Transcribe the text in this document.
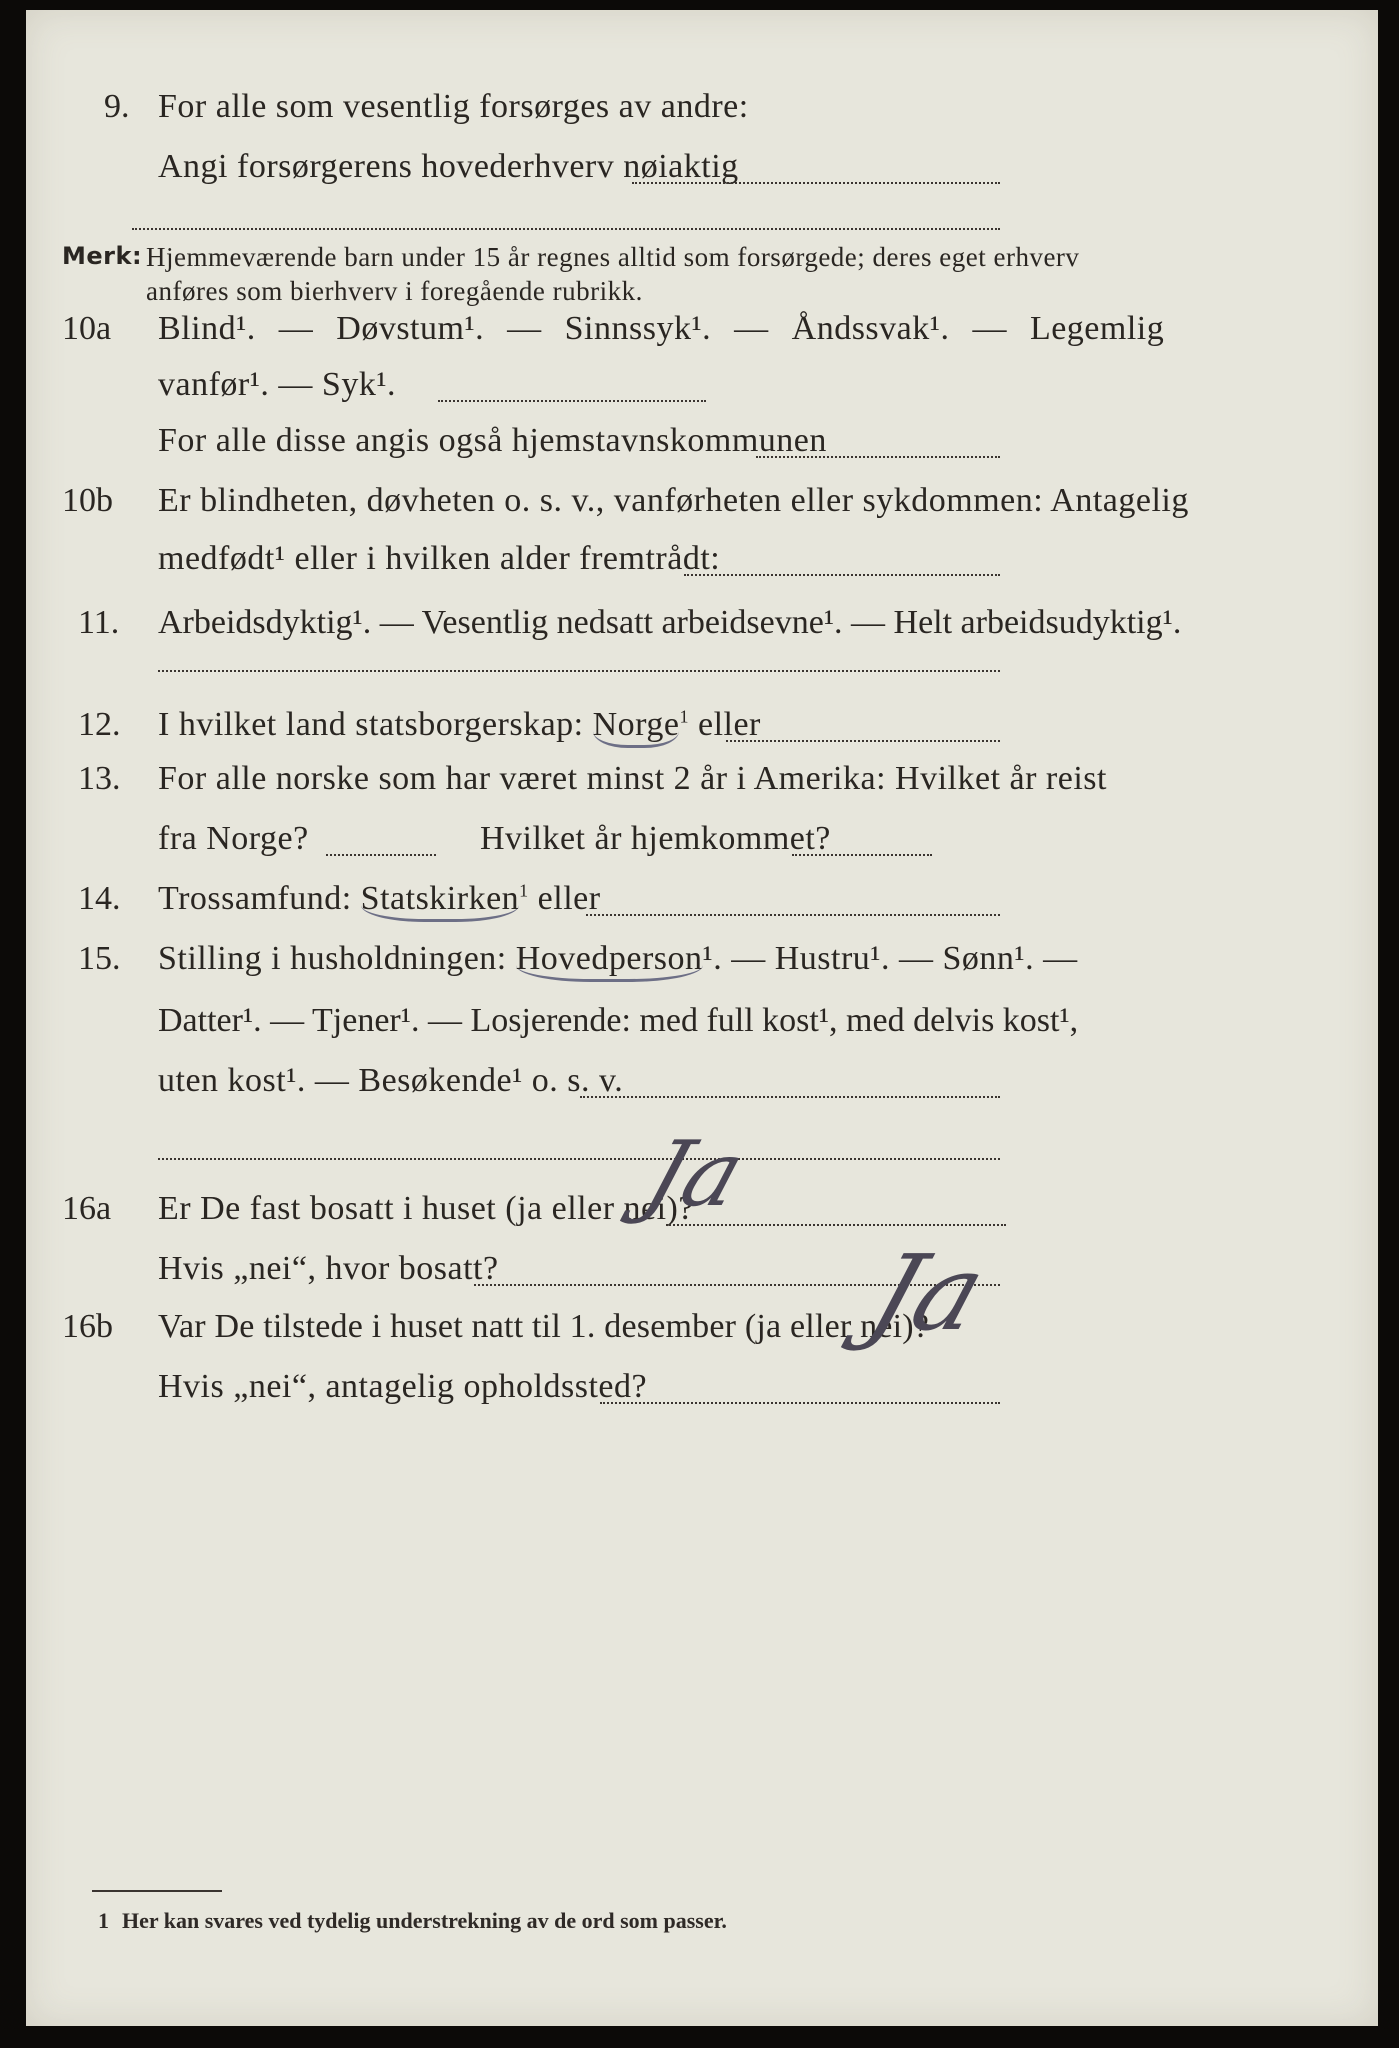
9. For alle som vesentlig forsørges av andre:
Angi forsørgerens hovederhverv nøiaktig
Merk: Hjemmeværende barn under 15 år regnes alltid som forsørgede; deres eget erhverv
anføres som bierhverv i foregående rubrikk.
10a Blind¹. — Døvstum¹. — Sinnssyk¹. — Åndssvak¹. — Legemlig
vanfør¹. — Syk¹.
For alle disse angis også hjemstavnskommunen
10b Er blindheten, døvheten o. s. v., vanførheten eller sykdommen: Antagelig
medfødt¹ eller i hvilken alder fremtrådt:
11. Arbeidsdyktig¹. — Vesentlig nedsatt arbeidsevne¹. — Helt arbeidsudyktig¹.
12. I hvilket land statsborgerskap: Norge$^1$ eller
13. For alle norske som har været minst 2 år i Amerika: Hvilket år reist
fra Norge?	Hvilket år hjemkommet?
14. Trossamfund: Statskirken$^1$ eller
15. Stilling i husholdningen: Hovedperson¹. — Hustru¹. — Sønn¹. —
Datter¹. — Tjener¹. — Losjerende: med full kost¹, med delvis kost¹,
uten kost¹. — Besøkende¹ o. s. v.
16a Er De fast bosatt i huset (ja eller nei)?
Ja
Hvis „nei“, hvor bosatt?
16b Var De tilstede i huset natt til 1. desember (ja eller nei)?
Ja
Hvis „nei“, antagelig opholdssted?
1 Her kan svares ved tydelig understrekning av de ord som passer.
